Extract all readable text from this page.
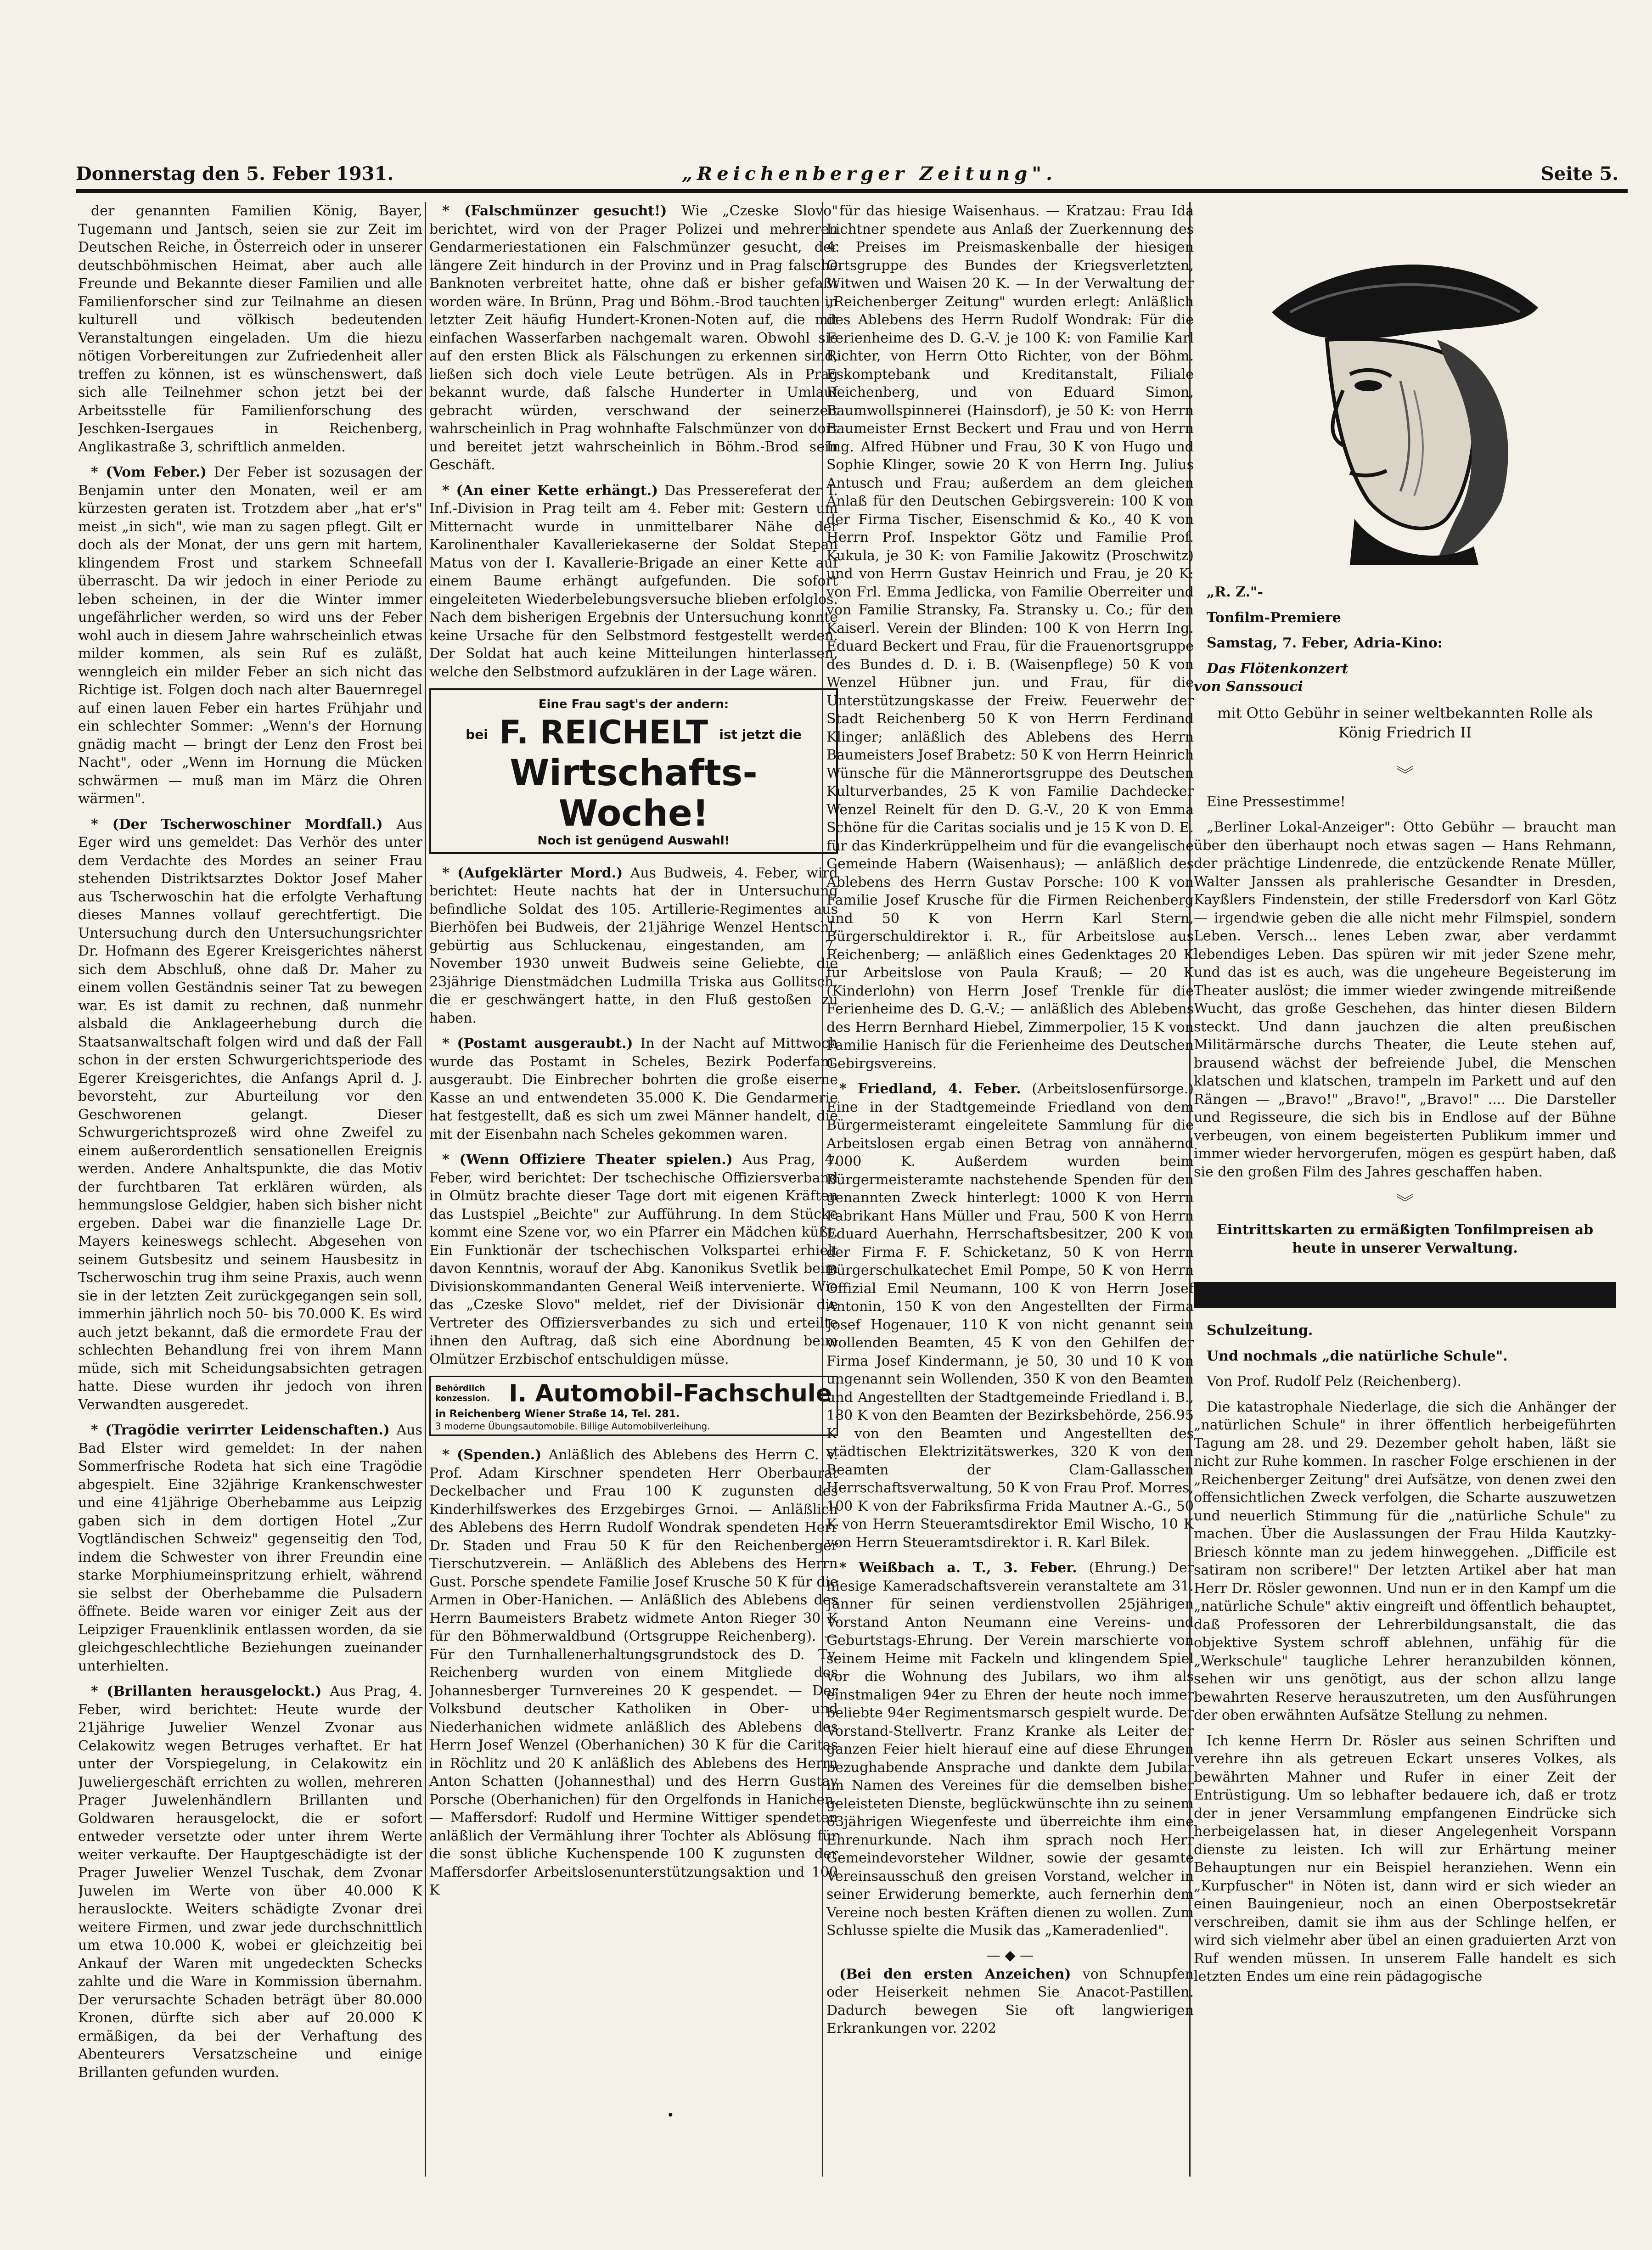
Donnerstag den 5. Feber 1931.	„Reichenberger Zeitung".	Seite 5.

der genannten Familien König, Bayer, Tugemann und Jantsch, seien sie zur Zeit im Deutschen Reiche, in Österreich oder in unserer deutschböhmischen Heimat, aber auch alle Freunde und Bekannte dieser Familien und alle Familienforscher sind zur Teilnahme an diesen kulturell und völkisch bedeutenden Veranstaltungen eingeladen. Um die hiezu nötigen Vorbereitungen zur Zufriedenheit aller treffen zu können, ist es wünschenswert, daß sich alle Teilnehmer schon jetzt bei der Arbeitsstelle für Familienforschung des Jeschken-Isergaues in Reichenberg, Anglikastraße 3, schriftlich anmelden.

* (Vom Feber.) Der Feber ist sozusagen der Benjamin unter den Monaten, weil er am kürzesten geraten ist. Trotzdem aber „hat er's" meist „in sich", wie man zu sagen pflegt. Gilt er doch als der Monat, der uns gern mit hartem, klingendem Frost und starkem Schneefall überrascht. Da wir jedoch in einer Periode zu leben scheinen, in der die Winter immer ungefährlicher werden, so wird uns der Feber wohl auch in diesem Jahre wahrscheinlich etwas milder kommen, als sein Ruf es zuläßt, wenngleich ein milder Feber an sich nicht das Richtige ist. Folgen doch nach alter Bauernregel auf einen lauen Feber ein hartes Frühjahr und ein schlechter Sommer: „Wenn's der Hornung gnädig macht — bringt der Lenz den Frost bei Nacht", oder „Wenn im Hornung die Mücken schwärmen — muß man im März die Ohren wärmen".

* (Der Tscherwoschiner Mordfall.) Aus Eger wird uns gemeldet: Das Verhör des unter dem Verdachte des Mordes an seiner Frau stehenden Distriktsarztes Doktor Josef Maher aus Tscherwoschin hat die erfolgte Verhaftung dieses Mannes vollauf gerechtfertigt. Die Untersuchung durch den Untersuchungsrichter Dr. Hofmann des Egerer Kreisgerichtes näherst sich dem Abschluß, ohne daß Dr. Maher zu einem vollen Geständnis seiner Tat zu bewegen war. Es ist damit zu rechnen, daß nunmehr alsbald die Anklageerhebung durch die Staatsanwaltschaft folgen wird und daß der Fall schon in der ersten Schwurgerichtsperiode des Egerer Kreisgerichtes, die Anfangs April d. J. bevorsteht, zur Aburteilung vor den Geschworenen gelangt. Dieser Schwurgerichtsprozeß wird ohne Zweifel zu einem außerordentlich sensationellen Ereignis werden. Andere Anhaltspunkte, die das Motiv der furchtbaren Tat erklären würden, als hemmungslose Geldgier, haben sich bisher nicht ergeben. Dabei war die finanzielle Lage Dr. Mayers keineswegs schlecht. Abgesehen von seinem Gutsbesitz und seinem Hausbesitz in Tscherwoschin trug ihm seine Praxis, auch wenn sie in der letzten Zeit zurückgegangen sein soll, immerhin jährlich noch 50- bis 70.000 K. Es wird auch jetzt bekannt, daß die ermordete Frau der schlechten Behandlung frei von ihrem Mann müde, sich mit Scheidungsabsichten getragen hatte. Diese wurden ihr jedoch von ihren Verwandten ausgeredet.

* (Tragödie verirrter Leidenschaften.) Aus Bad Elster wird gemeldet: In der nahen Sommerfrische Rodeta hat sich eine Tragödie abgespielt. Eine 32jährige Krankenschwester und eine 41jährige Oberhebamme aus Leipzig gaben sich in dem dortigen Hotel „Zur Vogtländischen Schweiz" gegenseitig den Tod, indem die Schwester von ihrer Freundin eine starke Morphiumeinspritzung erhielt, während sie selbst der Oberhebamme die Pulsadern öffnete. Beide waren vor einiger Zeit aus der Leipziger Frauenklinik entlassen worden, da sie gleichgeschlechtliche Beziehungen zueinander unterhielten.

* (Brillanten herausgelockt.) Aus Prag, 4. Feber, wird berichtet: Heute wurde der 21jährige Juwelier Wenzel Zvonar aus Celakowitz wegen Betruges verhaftet. Er hat unter der Vorspiegelung, in Celakowitz ein Juweliergeschäft errichten zu wollen, mehreren Prager Juwelenhändlern Brillanten und Goldwaren herausgelockt, die er sofort entweder versetzte oder unter ihrem Werte weiter verkaufte. Der Hauptgeschädigte ist der Prager Juwelier Wenzel Tuschak, dem Zvonar Juwelen im Werte von über 40.000 K herauslockte. Weiters schädigte Zvonar drei weitere Firmen, und zwar jede durchschnittlich um etwa 10.000 K, wobei er gleichzeitig bei Ankauf der Waren mit ungedeckten Schecks zahlte und die Ware in Kommission übernahm. Der verursachte Schaden beträgt über 80.000 Kronen, dürfte sich aber auf 20.000 K ermäßigen, da bei der Verhaftung des Abenteurers Versatzscheine und einige Brillanten gefunden wurden.

* (Falschmünzer gesucht!) Wie „Czeske Slovo" berichtet, wird von der Prager Polizei und mehreren Gendarmeriestationen ein Falschmünzer gesucht, der längere Zeit hindurch in der Provinz und in Prag falsche Banknoten verbreitet hatte, ohne daß er bisher gefaßt worden wäre. In Brünn, Prag und Böhm.-Brod tauchten in letzter Zeit häufig Hundert-Kronen-Noten auf, die mit einfachen Wasserfarben nachgemalt waren. Obwohl sie auf den ersten Blick als Fälschungen zu erkennen sind, ließen sich doch viele Leute betrügen. Als in Prag bekannt wurde, daß falsche Hunderter in Umlauf gebracht würden, verschwand der seinerzeit wahrscheinlich in Prag wohnhafte Falschmünzer von dort und bereitet jetzt wahrscheinlich in Böhm.-Brod sein Geschäft.

* (An einer Kette erhängt.) Das Pressereferat der I. Inf.-Division in Prag teilt am 4. Feber mit: Gestern um Mitternacht wurde in unmittelbarer Nähe der Karolinenthaler Kavalleriekaserne der Soldat Stepan Matus von der I. Kavallerie-Brigade an einer Kette auf einem Baume erhängt aufgefunden. Die sofort eingeleiteten Wiederbelebungsversuche blieben erfolglos. Nach dem bisherigen Ergebnis der Untersuchung konnte keine Ursache für den Selbstmord festgestellt werden. Der Soldat hat auch keine Mitteilungen hinterlassen, welche den Selbstmord aufzuklären in der Lage wären.

Eine Frau sagt's der andern:
bei F. REICHELT ist jetzt die
Wirtschafts-Woche!
Noch ist genügend Auswahl!

* (Aufgeklärter Mord.) Aus Budweis, 4. Feber, wird berichtet: Heute nachts hat der in Untersuchung befindliche Soldat des 105. Artillerie-Regimentes aus Bierhöfen bei Budweis, der 21jährige Wenzel Hentschl, gebürtig aus Schluckenau, eingestanden, am 7. November 1930 unweit Budweis seine Geliebte, die 23jährige Dienstmädchen Ludmilla Triska aus Gollitsch, die er geschwängert hatte, in den Fluß gestoßen zu haben.

* (Postamt ausgeraubt.) In der Nacht auf Mittwoch wurde das Postamt in Scheles, Bezirk Poderfam, ausgeraubt. Die Einbrecher bohrten die große eiserne Kasse an und entwendeten 35.000 K. Die Gendarmerie hat festgestellt, daß es sich um zwei Männer handelt, die mit der Eisenbahn nach Scheles gekommen waren.

* (Wenn Offiziere Theater spielen.) Aus Prag, 4. Feber, wird berichtet: Der tschechische Offiziersverband in Olmütz brachte dieser Tage dort mit eigenen Kräften das Lustspiel „Beichte" zur Aufführung. In dem Stücke kommt eine Szene vor, wo ein Pfarrer ein Mädchen küßt. Ein Funktionär der tschechischen Volkspartei erhielt davon Kenntnis, worauf der Abg. Kanonikus Svetlik beim Divisionskommandanten General Weiß intervenierte. Wie das „Czeske Slovo" meldet, rief der Divisionär die Vertreter des Offiziersverbandes zu sich und erteilte ihnen den Auftrag, daß sich eine Abordnung beim Olmützer Erzbischof entschuldigen müsse.

Behördlich
konzession. I. Automobil-Fachschule
in Reichenberg Wiener Straße 14, Tel. 281.
3 moderne Übungsautomobile. Billige Automobilverleihung.

* (Spenden.) Anläßlich des Ablebens des Herrn C. V. Prof. Adam Kirschner spendeten Herr Oberbaurat Deckelbacher und Frau 100 K zugunsten des Kinderhilfswerkes des Erzgebirges Grnoi. — Anläßlich des Ablebens des Herrn Rudolf Wondrak spendeten Herr Dr. Staden und Frau 50 K für den Reichenberger Tierschutzverein. — Anläßlich des Ablebens des Herrn Gust. Porsche spendete Familie Josef Krusche 50 K für die Armen in Ober-Hanichen. — Anläßlich des Ablebens des Herrn Baumeisters Brabetz widmete Anton Rieger 30 K für den Böhmerwaldbund (Ortsgruppe Reichenberg). — Für den Turnhallenerhaltungsgrundstock des D. Tv. Reichenberg wurden von einem Mitgliede des Johannesberger Turnvereines 20 K gespendet. — Der Volksbund deutscher Katholiken in Ober- und Niederhanichen widmete anläßlich des Ablebens des Herrn Josef Wenzel (Oberhanichen) 30 K für die Caritas in Röchlitz und 20 K anläßlich des Ablebens des Herrn Anton Schatten (Johannesthal) und des Herrn Gustav Porsche (Oberhanichen) für den Orgelfonds in Hanichen. — Maffersdorf: Rudolf und Hermine Wittiger spendeten anläßlich der Vermählung ihrer Tochter als Ablösung für die sonst übliche Kuchenspende 100 K zugunsten der Maffersdorfer Arbeitslosenunterstützungsaktion und 100 K

für das hiesige Waisenhaus. — Kratzau: Frau Ida Lichtner spendete aus Anlaß der Zuerkennung des 4. Preises im Preismaskenballe der hiesigen Ortsgruppe des Bundes der Kriegsverletzten, Witwen und Waisen 20 K. — In der Verwaltung der „Reichenberger Zeitung" wurden erlegt: Anläßlich des Ablebens des Herrn Rudolf Wondrak: Für die Ferienheime des D. G.-V. je 100 K: von Familie Karl Richter, von Herrn Otto Richter, von der Böhm. Eskomptebank und Kreditanstalt, Filiale Reichenberg, und von Eduard Simon, Baumwollspinnerei (Hainsdorf), je 50 K: von Herrn Baumeister Ernst Beckert und Frau und von Herrn Ing. Alfred Hübner und Frau, 30 K von Hugo und Sophie Klinger, sowie 20 K von Herrn Ing. Julius Antusch und Frau; außerdem an dem gleichen Anlaß für den Deutschen Gebirgsverein: 100 K von der Firma Tischer, Eisenschmid & Ko., 40 K von Herrn Prof. Inspektor Götz und Familie Prof. Kukula, je 30 K: von Familie Jakowitz (Proschwitz) und von Herrn Gustav Heinrich und Frau, je 20 K: von Frl. Emma Jedlicka, von Familie Oberreiter und von Familie Stransky, Fa. Stransky u. Co.; für den Kaiserl. Verein der Blinden: 100 K von Herrn Ing. Eduard Beckert und Frau, für die Frauenortsgruppe des Bundes d. D. i. B. (Waisenpflege) 50 K von Wenzel Hübner jun. und Frau, für die Unterstützungskasse der Freiw. Feuerwehr der Stadt Reichenberg 50 K von Herrn Ferdinand Klinger; anläßlich des Ablebens des Herrn Baumeisters Josef Brabetz: 50 K von Herrn Heinrich Wünsche für die Männerortsgruppe des Deutschen Kulturverbandes, 25 K von Familie Dachdecker Wenzel Reinelt für den D. G.-V., 20 K von Emma Schöne für die Caritas socialis und je 15 K von D. E. für das Kinderkrüppelheim und für die evangelische Gemeinde Habern (Waisenhaus); — anläßlich des Ablebens des Herrn Gustav Porsche: 100 K von Familie Josef Krusche für die Firmen Reichenberg und 50 K von Herrn Karl Stern, Bürgerschuldirektor i. R., für Arbeitslose aus Reichenberg; — anläßlich eines Gedenktages 20 K für Arbeitslose von Paula Krauß; — 20 K (Kinderlohn) von Herrn Josef Trenkle für die Ferienheime des D. G.-V.; — anläßlich des Ablebens des Herrn Bernhard Hiebel, Zimmerpolier, 15 K von Familie Hanisch für die Ferienheime des Deutschen Gebirgsvereins.

* Friedland, 4. Feber. (Arbeitslosenfürsorge.) Eine in der Stadtgemeinde Friedland von dem Bürgermeisteramt eingeleitete Sammlung für die Arbeitslosen ergab einen Betrag von annähernd 7000 K. Außerdem wurden beim Bürgermeisteramte nachstehende Spenden für den genannten Zweck hinterlegt: 1000 K von Herrn Fabrikant Hans Müller und Frau, 500 K von Herrn Eduard Auerhahn, Herrschaftsbesitzer, 200 K von der Firma F. F. Schicketanz, 50 K von Herrn Bürgerschulkatechet Emil Pompe, 50 K von Herrn Offizial Emil Neumann, 100 K von Herrn Josef Antonin, 150 K von den Angestellten der Firma Josef Hogenauer, 110 K von nicht genannt sein wollenden Beamten, 45 K von den Gehilfen der Firma Josef Kindermann, je 50, 30 und 10 K von ungenannt sein Wollenden, 350 K von den Beamten und Angestellten der Stadtgemeinde Friedland i. B., 180 K von den Beamten der Bezirksbehörde, 256.95 K von den Beamten und Angestellten des städtischen Elektrizitätswerkes, 320 K von den Beamten der Clam-Gallasschen Herrschaftsverwaltung, 50 K von Frau Prof. Morres, 100 K von der Fabriksfirma Frida Mautner A.-G., 50 K von Herrn Steueramtsdirektor Emil Wischo, 10 K von Herrn Steueramtsdirektor i. R. Karl Bilek.

* Weißbach a. T., 3. Feber. (Ehrung.) Der hiesige Kameradschaftsverein veranstaltete am 31. Jänner für seinen verdienstvollen 25jährigen Vorstand Anton Neumann eine Vereins- und Geburtstags-Ehrung. Der Verein marschierte von seinem Heime mit Fackeln und klingendem Spiel vor die Wohnung des Jubilars, wo ihm als einstmaligen 94er zu Ehren der heute noch immer beliebte 94er Regimentsmarsch gespielt wurde. Der Vorstand-Stellvertr. Franz Kranke als Leiter der ganzen Feier hielt hierauf eine auf diese Ehrungen bezughabende Ansprache und dankte dem Jubilar im Namen des Vereines für die demselben bisher geleisteten Dienste, beglückwünschte ihn zu seinem 63jährigen Wiegenfeste und überreichte ihm eine Ehrenurkunde. Nach ihm sprach noch Herr Gemeindevorsteher Wildner, sowie der gesamte Vereinsausschuß den greisen Vorstand, welcher in seiner Erwiderung bemerkte, auch fernerhin dem Vereine noch besten Kräften dienen zu wollen. Zum Schlusse spielte die Musik das „Kameradenlied".

— ◆ —

(Bei den ersten Anzeichen) von Schnupfen oder Heiserkeit nehmen Sie Anacot-Pastillen. Dadurch bewegen Sie oft langwierigen Erkrankungen vor. 2202

•

„R. Z."-

Tonfilm-Premiere

Samstag, 7. Feber, Adria-Kino:

Das Flötenkonzert
von Sanssouci

mit Otto Gebühr in seiner weltbekannten Rolle als König Friedrich II

︾

Eine Pressestimme!

„Berliner Lokal-Anzeiger": Otto Gebühr — braucht man über den überhaupt noch etwas sagen — Hans Rehmann, der prächtige Lindenrede, die entzückende Renate Müller, Walter Janssen als prahlerische Gesandter in Dresden, Kayßlers Findenstein, der stille Fredersdorf von Karl Götz — irgendwie geben die alle nicht mehr Filmspiel, sondern Leben. Versch... lenes Leben zwar, aber verdammt lebendiges Leben. Das spüren wir mit jeder Szene mehr, und das ist es auch, was die ungeheure Begeisterung im Theater auslöst; die immer wieder zwingende mitreißende Wucht, das große Geschehen, das hinter diesen Bildern steckt. Und dann jauchzen die alten preußischen Militärmärsche durchs Theater, die Leute stehen auf, brausend wächst der befreiende Jubel, die Menschen klatschen und klatschen, trampeln im Parkett und auf den Rängen — „Bravo!" „Bravo!", „Bravo!" .... Die Darsteller und Regisseure, die sich bis in Endlose auf der Bühne verbeugen, von einem begeisterten Publikum immer und immer wieder hervorgerufen, mögen es gespürt haben, daß sie den großen Film des Jahres geschaffen haben.

︾

Eintrittskarten zu ermäßigten Tonfilmpreisen ab heute in unserer Verwaltung.

Schulzeitung.

Und nochmals „die natürliche Schule".

Von Prof. Rudolf Pelz (Reichenberg).

Die katastrophale Niederlage, die sich die Anhänger der „natürlichen Schule" in ihrer öffentlich herbeigeführten Tagung am 28. und 29. Dezember geholt haben, läßt sie nicht zur Ruhe kommen. In rascher Folge erschienen in der „Reichenberger Zeitung" drei Aufsätze, von denen zwei den offensichtlichen Zweck verfolgen, die Scharte auszuwetzen und neuerlich Stimmung für die „natürliche Schule" zu machen. Über die Auslassungen der Frau Hilda Kautzky-Briesch könnte man zu jedem hinweggehen. „Difficile est satiram non scribere!" Der letzten Artikel aber hat man Herr Dr. Rösler gewonnen. Und nun er in den Kampf um die „natürliche Schule" aktiv eingreift und öffentlich behauptet, daß Professoren der Lehrerbildungsanstalt, die das objektive System schroff ablehnen, unfähig für die „Werkschule" taugliche Lehrer heranzubilden können, sehen wir uns genötigt, aus der schon allzu lange bewahrten Reserve herauszutreten, um den Ausführungen der oben erwähnten Aufsätze Stellung zu nehmen.

Ich kenne Herrn Dr. Rösler aus seinen Schriften und verehre ihn als getreuen Eckart unseres Volkes, als bewährten Mahner und Rufer in einer Zeit der Entrüstigung. Um so lebhafter bedauere ich, daß er trotz der in jener Versammlung empfangenen Eindrücke sich herbeigelassen hat, in dieser Angelegenheit Vorspann dienste zu leisten. Ich will zur Erhärtung meiner Behauptungen nur ein Beispiel heranziehen. Wenn ein „Kurpfuscher" in Nöten ist, dann wird er sich wieder an einen Bauingenieur, noch an einen Oberpostsekretär verschreiben, damit sie ihm aus der Schlinge helfen, er wird sich vielmehr aber übel an einen graduierten Arzt von Ruf wenden müssen. In unserem Falle handelt es sich letzten Endes um eine rein pädagogische
